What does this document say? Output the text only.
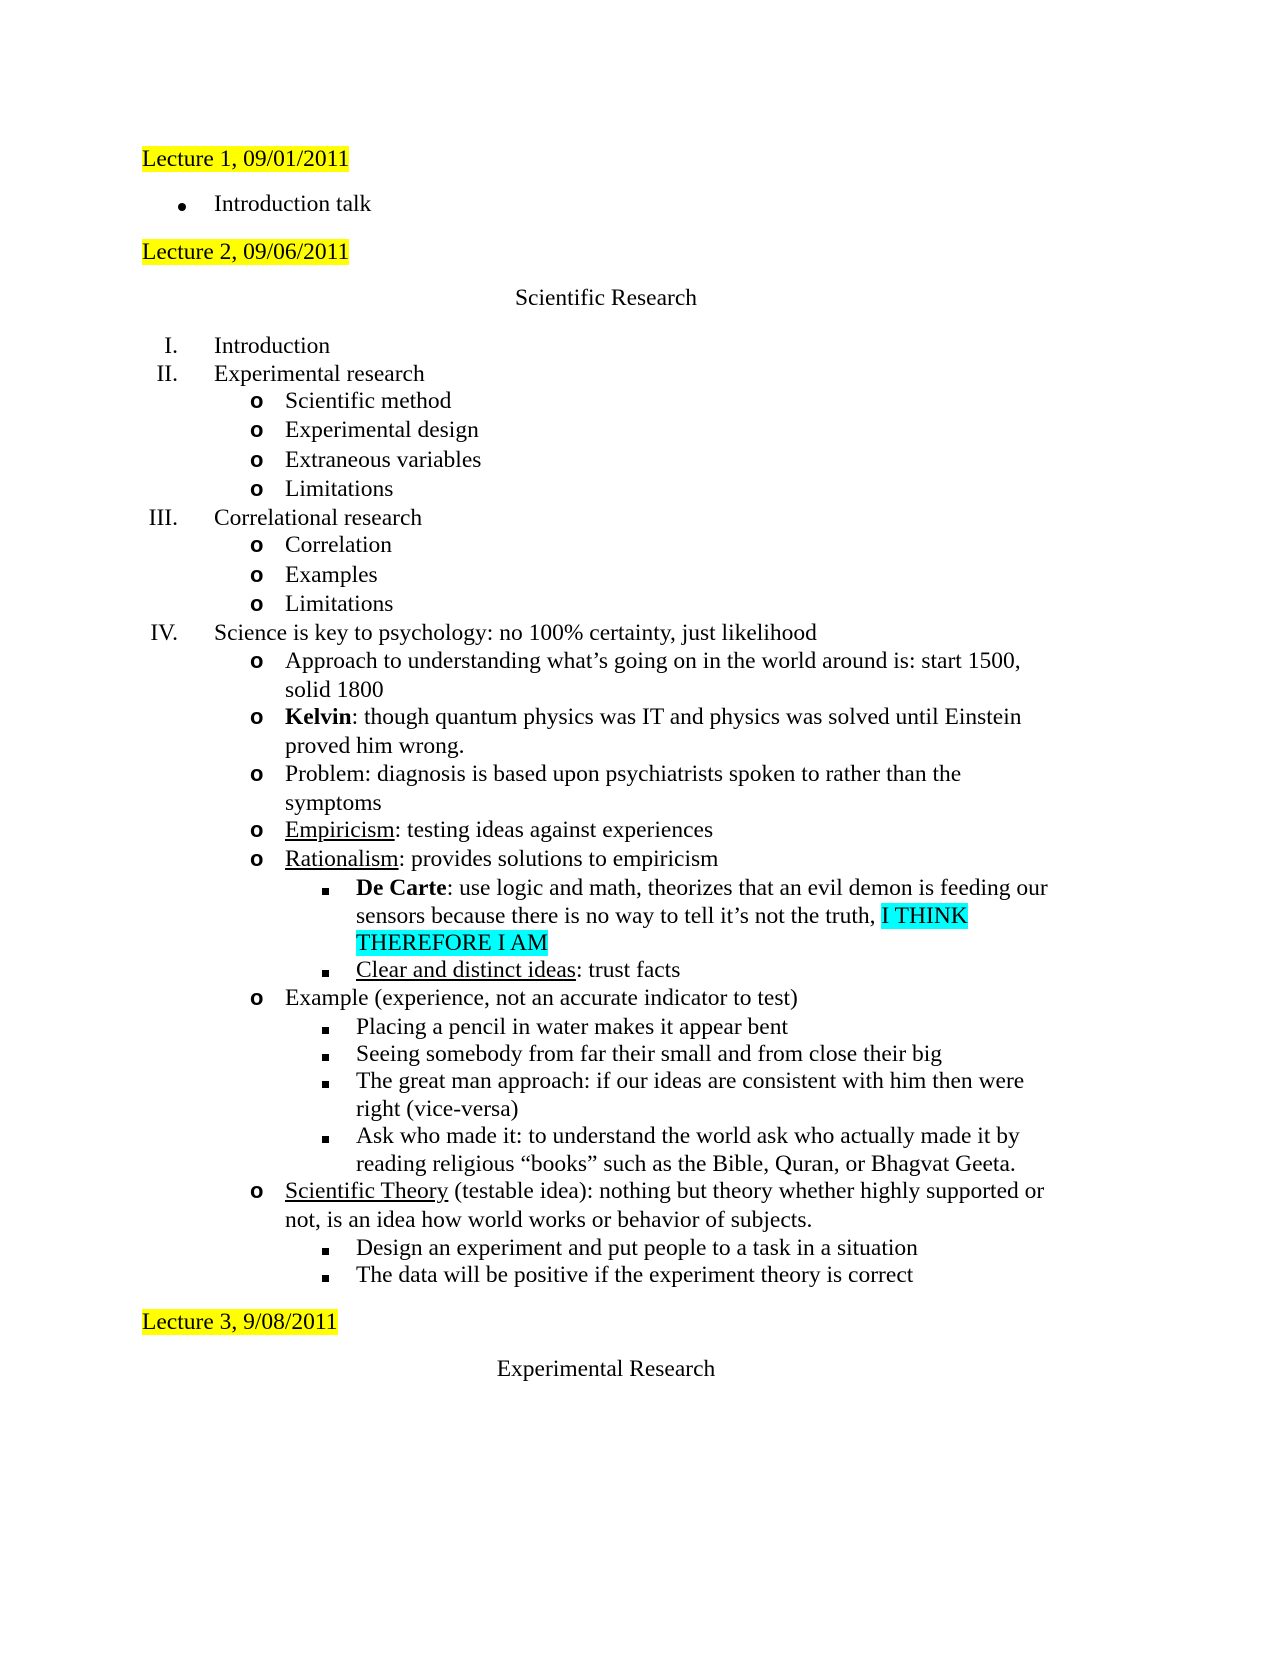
Lecture 1, 09/01/2011
Introduction talk
Lecture 2, 09/06/2011
Scientific Research
I. Introduction
II. Experimental research
o Scientific method
o Experimental design
o Extraneous variables
o Limitations
III. Correlational research
o Correlation
o Examples
o Limitations
IV. Science is key to psychology: no 100% certainty, just likelihood
o Approach to understanding what’s going on in the world around is: start 1500,
solid 1800
o Kelvin: though quantum physics was IT and physics was solved until Einstein
proved him wrong.
o Problem: diagnosis is based upon psychiatrists spoken to rather than the
symptoms
o Empiricism: testing ideas against experiences
o Rationalism: provides solutions to empiricism
De Carte: use logic and math, theorizes that an evil demon is feeding our
sensors because there is no way to tell it’s not the truth, I THINK
THEREFORE I AM
Clear and distinct ideas: trust facts
o Example (experience, not an accurate indicator to test)
Placing a pencil in water makes it appear bent
Seeing somebody from far their small and from close their big
The great man approach: if our ideas are consistent with him then were
right (vice-versa)
Ask who made it: to understand the world ask who actually made it by
reading religious “books” such as the Bible, Quran, or Bhagvat Geeta.
o Scientific Theory (testable idea): nothing but theory whether highly supported or
not, is an idea how world works or behavior of subjects.
Design an experiment and put people to a task in a situation
The data will be positive if the experiment theory is correct
Lecture 3, 9/08/2011
Experimental Research
